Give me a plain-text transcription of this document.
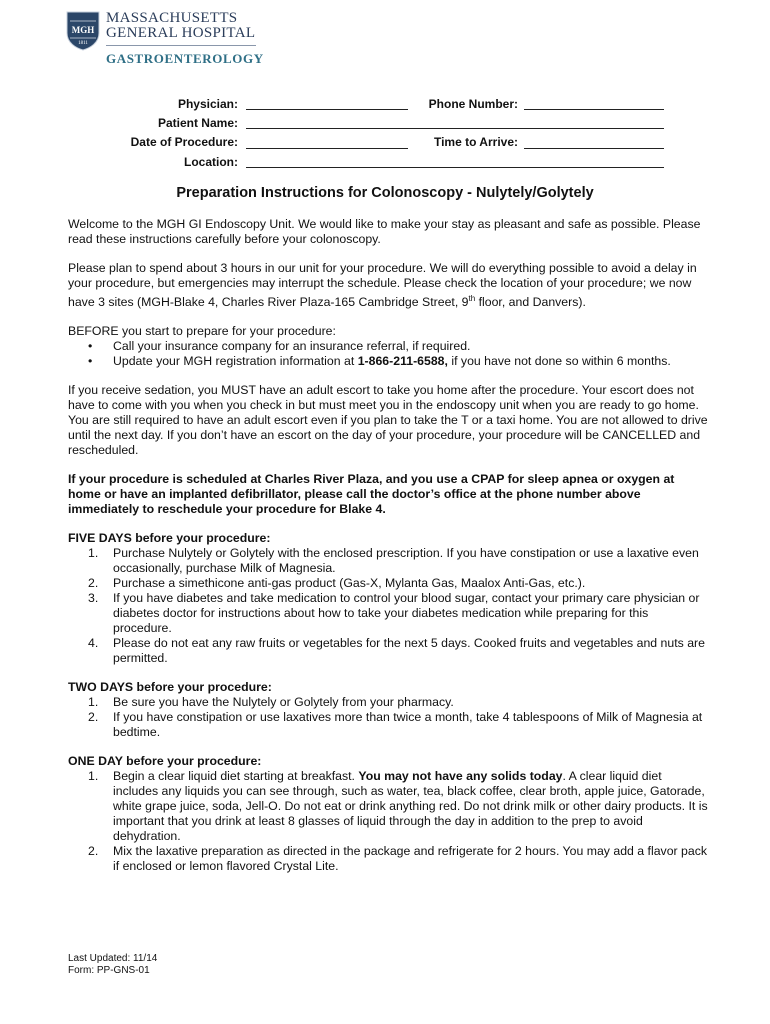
MGH
1811
MASSACHUSETTS
GENERAL HOSPITAL
GASTROENTEROLOGY
Physician:	Phone Number:
Patient Name:
Date of Procedure:	Time to Arrive:
Location:
Preparation Instructions for Colonoscopy - Nulytely/Golytely

Welcome to the MGH GI Endoscopy Unit. We would like to make your stay as pleasant and safe as possible. Please read these instructions carefully before your colonoscopy.

Please plan to spend about 3 hours in our unit for your procedure. We will do everything possible to avoid a delay in your procedure, but emergencies may interrupt the schedule. Please check the location of your procedure; we now have 3 sites (MGH-Blake 4, Charles River Plaza-165 Cambridge Street, 9th floor, and Danvers).

BEFORE you start to prepare for your procedure:
• Call your insurance company for an insurance referral, if required.
• Update your MGH registration information at 1-866-211-6588, if you have not done so within 6 months.

If you receive sedation, you MUST have an adult escort to take you home after the procedure. Your escort does not have to come with you when you check in but must meet you in the endoscopy unit when you are ready to go home. You are still required to have an adult escort even if you plan to take the T or a taxi home. You are not allowed to drive until the next day. If you don’t have an escort on the day of your procedure, your procedure will be CANCELLED and rescheduled.

If your procedure is scheduled at Charles River Plaza, and you use a CPAP for sleep apnea or oxygen at home or have an implanted defibrillator, please call the doctor’s office at the phone number above immediately to reschedule your procedure for Blake 4.

FIVE DAYS before your procedure:
1. Purchase Nulytely or Golytely with the enclosed prescription. If you have constipation or use a laxative even occasionally, purchase Milk of Magnesia.
2. Purchase a simethicone anti-gas product (Gas-X, Mylanta Gas, Maalox Anti-Gas, etc.).
3. If you have diabetes and take medication to control your blood sugar, contact your primary care physician or diabetes doctor for instructions about how to take your diabetes medication while preparing for this procedure.
4. Please do not eat any raw fruits or vegetables for the next 5 days. Cooked fruits and vegetables and nuts are permitted.
TWO DAYS before your procedure:
1. Be sure you have the Nulytely or Golytely from your pharmacy.
2. If you have constipation or use laxatives more than twice a month, take 4 tablespoons of Milk of Magnesia at bedtime.
ONE DAY before your procedure:
1. Begin a clear liquid diet starting at breakfast. You may not have any solids today. A clear liquid diet includes any liquids you can see through, such as water, tea, black coffee, clear broth, apple juice, Gatorade, white grape juice, soda, Jell-O. Do not eat or drink anything red. Do not drink milk or other dairy products. It is important that you drink at least 8 glasses of liquid through the day in addition to the prep to avoid dehydration.
2. Mix the laxative preparation as directed in the package and refrigerate for 2 hours. You may add a flavor pack if enclosed or lemon flavored Crystal Lite.
Last Updated: 11/14
Form: PP-GNS-01
